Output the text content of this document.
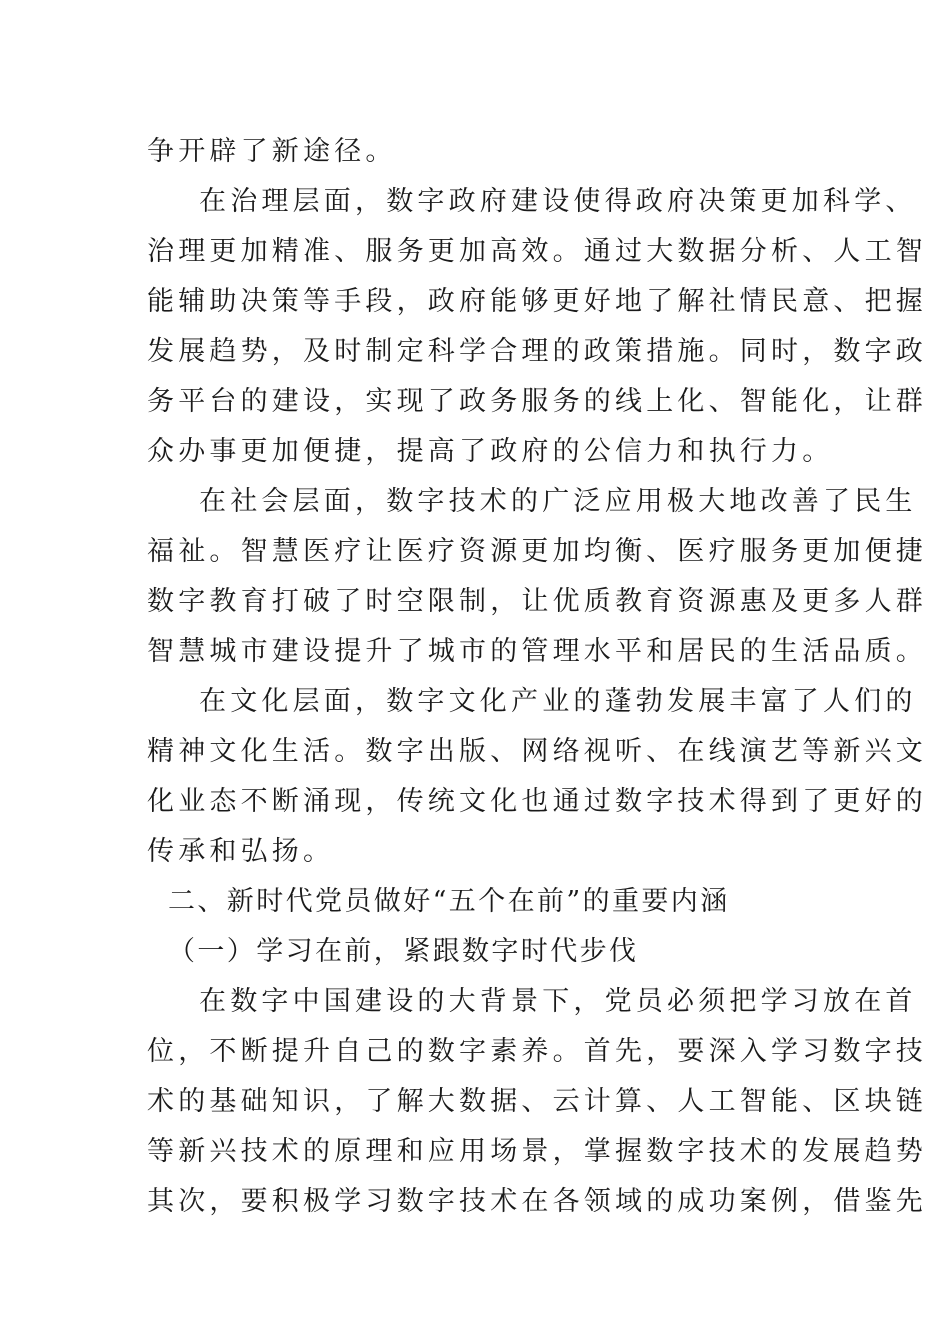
争开辟了新途径。
在治理层面，数字政府建设使得政府决策更加科学、
治理更加精准、服务更加高效。通过大数据分析、人工智
能辅助决策等手段，政府能够更好地了解社情民意、把握
发展趋势，及时制定科学合理的政策措施。同时，数字政
务平台的建设，实现了政务服务的线上化、智能化，让群
众办事更加便捷，提高了政府的公信力和执行力。
在社会层面，数字技术的广泛应用极大地改善了民生
福祉。智慧医疗让医疗资源更加均衡、医疗服务更加便捷
数字教育打破了时空限制，让优质教育资源惠及更多人群
智慧城市建设提升了城市的管理水平和居民的生活品质。
在文化层面，数字文化产业的蓬勃发展丰富了人们的
精神文化生活。数字出版、网络视听、在线演艺等新兴文
化业态不断涌现，传统文化也通过数字技术得到了更好的
传承和弘扬。
二、新时代党员做好“五个在前”的重要内涵
（一）学习在前，紧跟数字时代步伐
在数字中国建设的大背景下，党员必须把学习放在首
位，不断提升自己的数字素养。首先，要深入学习数字技
术的基础知识，了解大数据、云计算、人工智能、区块链
等新兴技术的原理和应用场景，掌握数字技术的发展趋势
其次，要积极学习数字技术在各领域的成功案例，借鉴先
